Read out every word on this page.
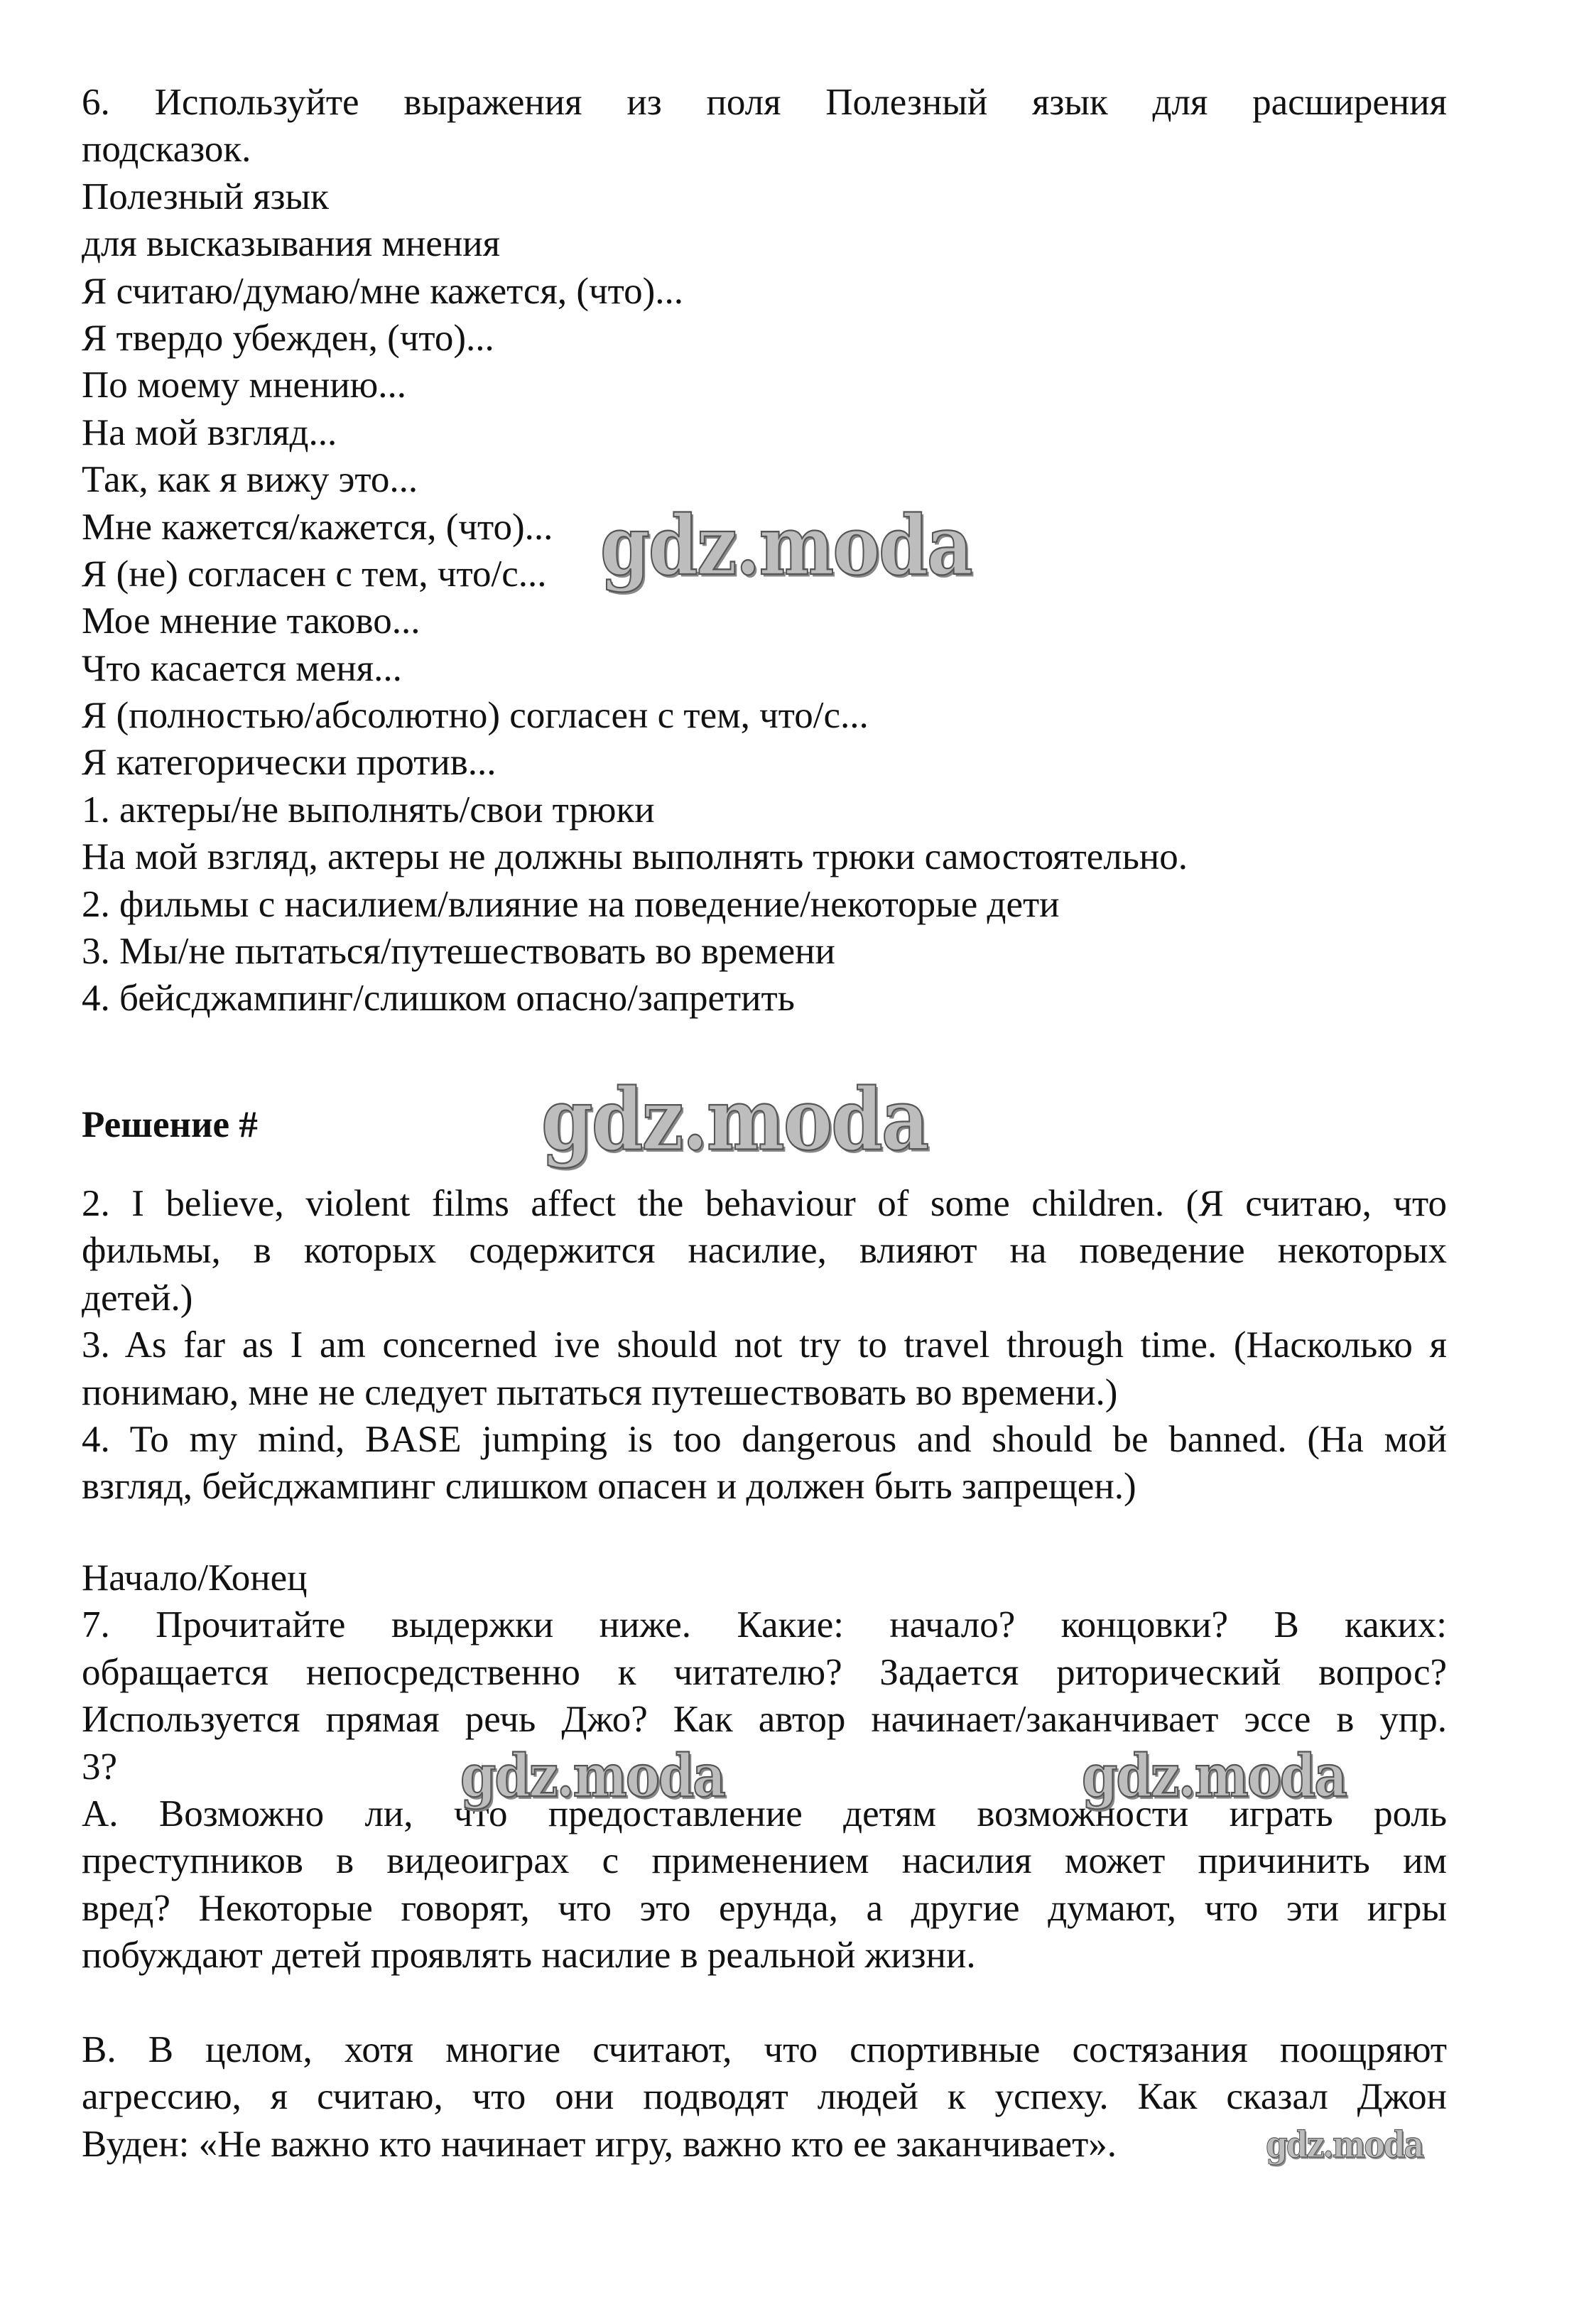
6. Используйте выражения из поля Полезный язык для расширения
подсказок.
Полезный язык
для высказывания мнения
Я считаю/думаю/мне кажется, (что)...
Я твердо убежден, (что)...
По моему мнению...
На мой взгляд...
Так, как я вижу это...
Мне кажется/кажется, (что)...
Я (не) согласен с тем, что/с...
Мое мнение таково...
Что касается меня...
Я (полностью/абсолютно) согласен с тем, что/с...
Я категорически против...
1. актеры/не выполнять/свои трюки
На мой взгляд, актеры не должны выполнять трюки самостоятельно.
2. фильмы с насилием/влияние на поведение/некоторые дети
3. Мы/не пытаться/путешествовать во времени
4. бейсджампинг/слишком опасно/запретить
Решение #
2. I believe, violent films affect the behaviour of some children. (Я считаю, что
фильмы, в которых содержится насилие, влияют на поведение некоторых
детей.)
3. As far as I am concerned ive should not try to travel through time. (Насколько я
понимаю, мне не следует пытаться путешествовать во времени.)
4. To my mind, BASE jumping is too dangerous and should be banned. (На мой
взгляд, бейсджампинг слишком опасен и должен быть запрещен.)
Начало/Конец
7. Прочитайте выдержки ниже. Какие: начало? концовки? В каких:
обращается непосредственно к читателю? Задается риторический вопрос?
Используется прямая речь Джо? Как автор начинает/заканчивает эссе в упр.
3?
А. Возможно ли, что предоставление детям возможности играть роль
преступников в видеоиграх с применением насилия может причинить им
вред? Некоторые говорят, что это ерунда, а другие думают, что эти игры
побуждают детей проявлять насилие в реальной жизни.
В. В целом, хотя многие считают, что спортивные состязания поощряют
агрессию, я считаю, что они подводят людей к успеху. Как сказал Джон
Вуден: «Не важно кто начинает игру, важно кто ее заканчивает».
gdz.moda
gdz.moda
gdz.moda	gdz.moda
gdz.moda
